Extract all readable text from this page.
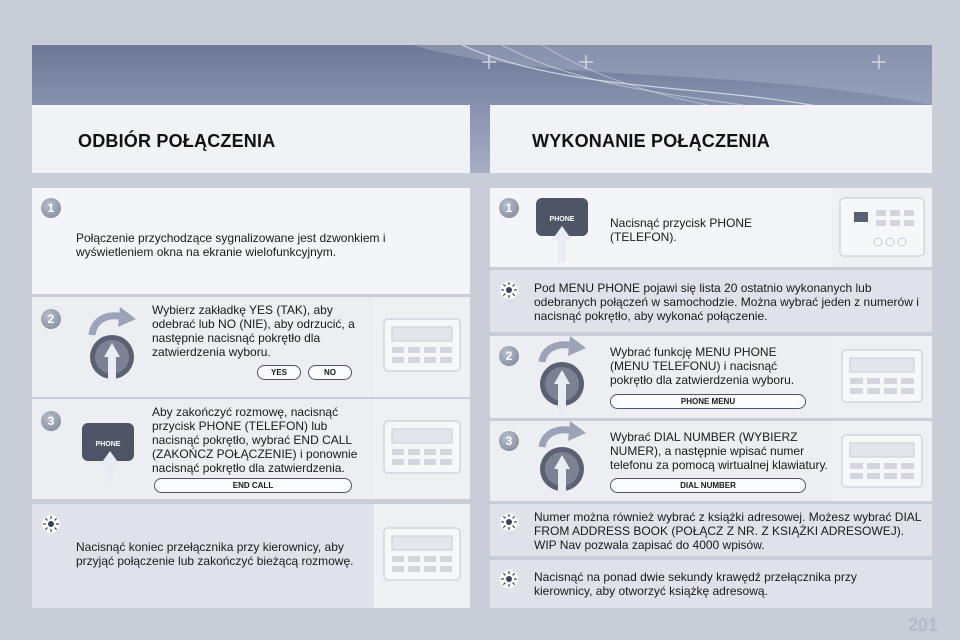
ODBIÓR POŁĄCZENIA	WYKONANIE POŁĄCZENIA
1
Połączenie przychodzące sygnalizowane jest dzwonkiem i wyświetleniem okna na ekranie wielofunkcyjnym.
2
Wybierz zakładkę YES (TAK), aby odebrać lub NO (NIE), aby odrzucić, a następnie nacisnąć pokrętło dla zatwierdzenia wyboru.
YES	NO
3
PHONE
Aby zakończyć rozmowę, nacisnąć przycisk PHONE (TELEFON) lub nacisnąć pokrętło, wybrać END CALL (ZAKOŃCZ POŁĄCZENIE) i ponownie nacisnąć pokrętło dla zatwierdzenia.
END CALL
Nacisnąć koniec przełącznika przy kierownicy, aby przyjąć połączenie lub zakończyć bieżącą rozmowę.
1
PHONE	Nacisnąć przycisk PHONE (TELEFON).
Pod MENU PHONE pojawi się lista 20 ostatnio wykonanych lub odebranych połączeń w samochodzie. Można wybrać jeden z numerów i nacisnąć pokrętło, aby wykonać połączenie.
2	Wybrać funkcję MENU PHONE (MENU TELEFONU) i nacisnąć pokrętło dla zatwierdzenia wyboru.
PHONE MENU
3	Wybrać DIAL NUMBER (WYBIERZ NUMER), a następnie wpisać numer telefonu za pomocą wirtualnej klawiatury.
DIAL NUMBER
Numer można również wybrać z książki adresowej. Możesz wybrać DIAL FROM ADDRESS BOOK (POŁĄCZ Z NR. Z KSIĄŻKI ADRESOWEJ). WIP Nav pozwala zapisać do 4000 wpisów.
Nacisnąć na ponad dwie sekundy krawędź przełącznika przy kierownicy, aby otworzyć książkę adresową.
201
